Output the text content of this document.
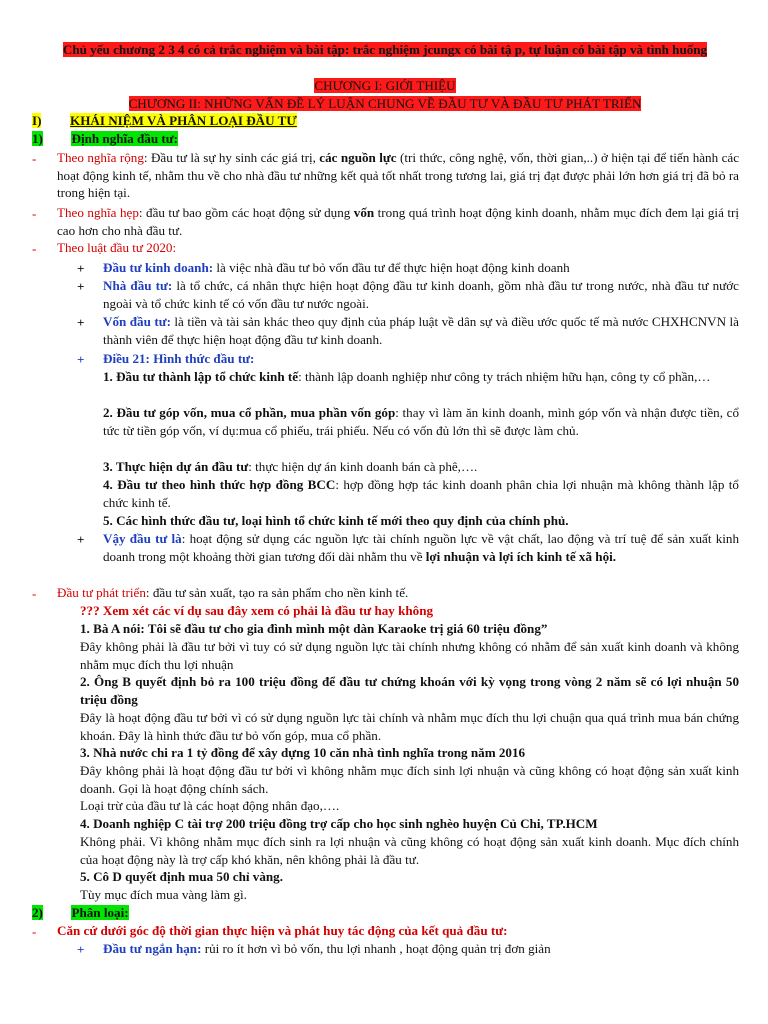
Chủ yếu chương 2 3 4 có cả trắc nghiệm và bài tập: trắc nghiệm jcungx có bài tậ p, tự luận có bài tập và tình huống
CHƯƠNG I: GIỚI THIỆU
CHƯƠNG II: NHỮNG VẤN ĐỀ LÝ LUẬN CHUNG VỀ ĐẦU TƯ VÀ ĐẦU TƯ PHÁT TRIỂN
I) KHÁI NIỆM VÀ PHÂN LOẠI ĐẦU TƯ
1) Định nghĩa đầu tư:
- Theo nghĩa rộng: Đầu tư là sự hy sinh các giá trị, các nguồn lực (tri thức, công nghệ, vốn, thời gian,..) ở hiện tại để tiến hành các hoạt động kinh tế, nhằm thu về cho nhà đầu tư những kết quả tốt nhất trong tương lai, giá trị đạt được phải lớn hơn giá trị đã bỏ ra trong hiện tại.

- Theo nghĩa hẹp: đầu tư bao gồm các hoạt động sử dụng vốn trong quá trình hoạt động kinh doanh, nhằm mục đích đem lại giá trị cao hơn cho nhà đầu tư.

- Theo luật đầu tư 2020:

+ Đầu tư kinh doanh: là việc nhà đầu tư bỏ vốn đầu tư để thực hiện hoạt động kinh doanh

+ Nhà đầu tư: là tổ chức, cá nhân thực hiện hoạt động đầu tư kinh doanh, gồm nhà đầu tư trong nước, nhà đầu tư nước ngoài và tổ chức kinh tế có vốn đầu tư nước ngoài.

+ Vốn đầu tư: là tiền và tài sản khác theo quy định của pháp luật về dân sự và điều ước quốc tế mà nước CHXHCNVN là thành viên để thực hiện hoạt động đầu tư kinh doanh.

+ Điều 21: Hình thức đầu tư:

1. Đầu tư thành lập tổ chức kinh tế: thành lập doanh nghiệp như công ty trách nhiệm hữu hạn, công ty cổ phần,…

2. Đầu tư góp vốn, mua cổ phần, mua phần vốn góp: thay vì làm ăn kinh doanh, mình góp vốn và nhận được tiền, cổ tức từ tiền góp vốn, ví dụ:mua cổ phiếu, trái phiếu. Nếu có vốn đủ lớn thì sẽ được làm chủ.

3. Thực hiện dự án đầu tư: thực hiện dự án kinh doanh bán cà phê,….

4. Đầu tư theo hình thức hợp đồng BCC: hợp đồng hợp tác kinh doanh phân chia lợi nhuận mà không thành lập tổ chức kinh tế.

5. Các hình thức đầu tư, loại hình tổ chức kinh tế mới theo quy định của chính phủ.

+ Vậy đầu tư là: hoạt động sử dụng các nguồn lực tài chính nguồn lực về vật chất, lao động và trí tuệ để sản xuất kinh doanh trong một khoảng thời gian tương đối dài nhằm thu về lợi nhuận và lợi ích kinh tế xã hội.

- Đầu tư phát triển: đầu tư sản xuất, tạo ra sản phẩm cho nền kinh tế.

??? Xem xét các ví dụ sau đây xem có phải là đầu tư hay không

1. Bà A nói: Tôi sẽ đầu tư cho gia đình mình một dàn Karaoke trị giá 60 triệu đồng”

Đây không phải là đầu tư bởi vì tuy có sử dụng nguồn lực tài chính nhưng không có nhằm để sản xuất kinh doanh và không nhằm mục đích thu lợi nhuận

2. Ông B quyết định bỏ ra 100 triệu đồng để đầu tư chứng khoán với kỳ vọng trong vòng 2 năm sẽ có lợi nhuận 50 triệu đồng

Đây là hoạt động đầu tư bởi vì có sử dụng nguồn lực tài chính và nhằm mục đích thu lợi chuận qua quá trình mua bán chứng khoán. Đây là hình thức đầu tư bỏ vốn góp, mua cổ phần.

3. Nhà nước chi ra 1 tỷ đồng để xây dựng 10 căn nhà tình nghĩa trong năm 2016

Đây không phải là hoạt động đầu tư bởi vì không nhằm mục đích sinh lợi nhuận và cũng không có hoạt động sản xuất kinh doanh. Gọi là hoạt động chính sách.

Loại trừ của đầu tư là các hoạt động nhân đạo,….

4. Doanh nghiệp C tài trợ 200 triệu đồng trợ cấp cho học sinh nghèo huyện Củ Chi, TP.HCM

Không phải. Vì không nhằm mục đích sinh ra lợi nhuận và cũng không có hoạt động sản xuất kinh doanh. Mục đích chính của hoạt động này là trợ cấp khó khăn, nên không phải là đầu tư.

5. Cô D quyết định mua 50 chỉ vàng.

Tùy mục đích mua vàng làm gì.

2) Phân loại:
- Căn cứ dưới góc độ thời gian thực hiện và phát huy tác động của kết quả đầu tư:

+ Đầu tư ngắn hạn: rủi ro ít hơn vì bỏ vốn, thu lợi nhanh , hoạt động quản trị đơn giản
